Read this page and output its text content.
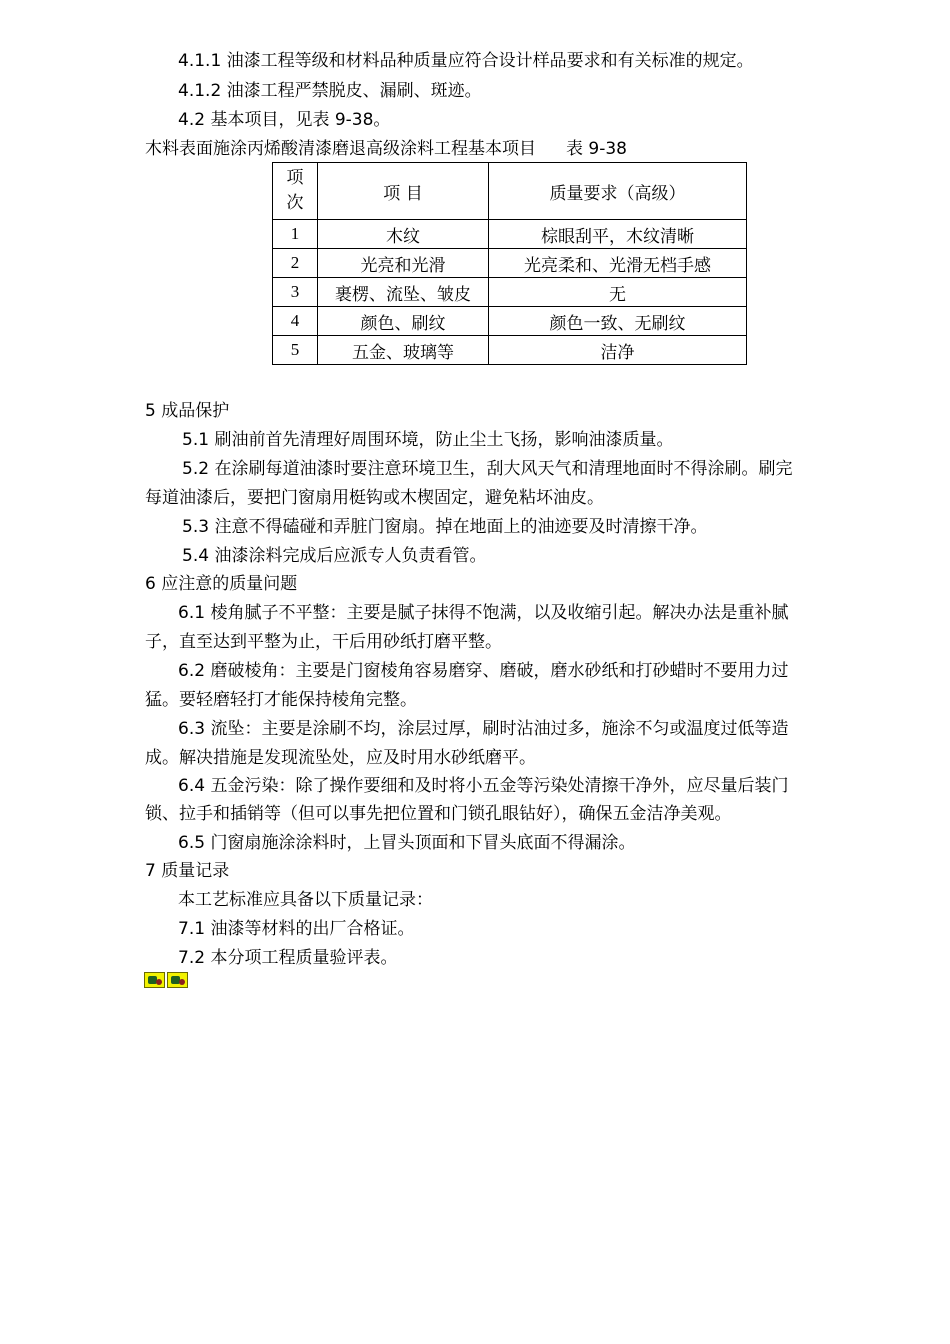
4.1.1 油漆工程等级和材料品种质量应符合设计样品要求和有关标准的规定。
4.1.2 油漆工程严禁脱皮、漏刷、斑迹。
4.2 基本项目，见表 9-38。
木料表面施涂丙烯酸清漆磨退高级涂料工程基本项目 表 9-38
项
次	项 目	质量要求（高级）
1	木纹	棕眼刮平，木纹清晰
2	光亮和光滑	光亮柔和、光滑无档手感
3	裹楞、流坠、皱皮	无
4	颜色、刷纹	颜色一致、无刷纹
5	五金、玻璃等	洁净
5 成品保护
5.1 刷油前首先清理好周围环境，防止尘土飞扬，影响油漆质量。
5.2 在涂刷每道油漆时要注意环境卫生，刮大风天气和清理地面时不得涂刷。刷完
每道油漆后，要把门窗扇用梃钩或木楔固定，避免粘坏油皮。
5.3 注意不得磕碰和弄脏门窗扇。掉在地面上的油迹要及时清擦干净。
5.4 油漆涂料完成后应派专人负责看管。
6 应注意的质量问题
6.1 棱角腻子不平整：主要是腻子抹得不饱满，以及收缩引起。解决办法是重补腻
子，直至达到平整为止，干后用砂纸打磨平整。
6.2 磨破棱角：主要是门窗棱角容易磨穿、磨破，磨水砂纸和打砂蜡时不要用力过
猛。要轻磨轻打才能保持棱角完整。
6.3 流坠：主要是涂刷不均，涂层过厚，刷时沾油过多，施涂不匀或温度过低等造
成。解决措施是发现流坠处，应及时用水砂纸磨平。
6.4 五金污染：除了操作要细和及时将小五金等污染处清擦干净外，应尽量后装门
锁、拉手和插销等（但可以事先把位置和门锁孔眼钻好），确保五金洁净美观。
6.5 门窗扇施涂涂料时，上冒头顶面和下冒头底面不得漏涂。
7 质量记录
本工艺标准应具备以下质量记录：
7.1 油漆等材料的出厂合格证。
7.2 本分项工程质量验评表。
